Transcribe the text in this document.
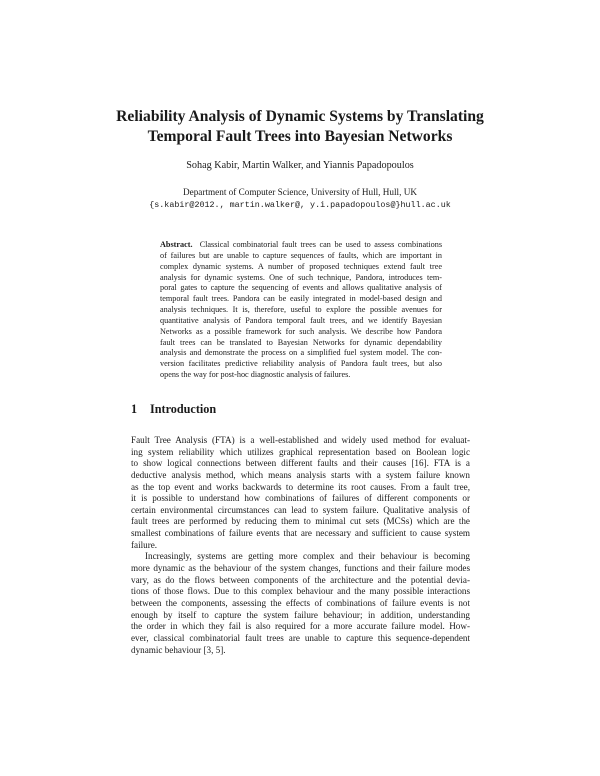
Reliability Analysis of Dynamic Systems by Translating
Temporal Fault Trees into Bayesian Networks
Sohag Kabir, Martin Walker, and Yiannis Papadopoulos
Department of Computer Science, University of Hull, Hull, UK
{s.kabir@2012., martin.walker@, y.i.papadopoulos@}hull.ac.uk
Abstract. Classical combinatorial fault trees can be used to assess combinations
of failures but are unable to capture sequences of faults, which are important in
complex dynamic systems. A number of proposed techniques extend fault tree
analysis for dynamic systems. One of such technique, Pandora, introduces tem-
poral gates to capture the sequencing of events and allows qualitative analysis of
temporal fault trees. Pandora can be easily integrated in model-based design and
analysis techniques. It is, therefore, useful to explore the possible avenues for
quantitative analysis of Pandora temporal fault trees, and we identify Bayesian
Networks as a possible framework for such analysis. We describe how Pandora
fault trees can be translated to Bayesian Networks for dynamic dependability
analysis and demonstrate the process on a simplified fuel system model. The con-
version facilitates predictive reliability analysis of Pandora fault trees, but also
opens the way for post-hoc diagnostic analysis of failures.
1 Introduction
Fault Tree Analysis (FTA) is a well-established and widely used method for evaluat-
ing system reliability which utilizes graphical representation based on Boolean logic
to show logical connections between different faults and their causes [16]. FTA is a
deductive analysis method, which means analysis starts with a system failure known
as the top event and works backwards to determine its root causes. From a fault tree,
it is possible to understand how combinations of failures of different components or
certain environmental circumstances can lead to system failure. Qualitative analysis of
fault trees are performed by reducing them to minimal cut sets (MCSs) which are the
smallest combinations of failure events that are necessary and sufficient to cause system
failure.
Increasingly, systems are getting more complex and their behaviour is becoming
more dynamic as the behaviour of the system changes, functions and their failure modes
vary, as do the flows between components of the architecture and the potential devia-
tions of those flows. Due to this complex behaviour and the many possible interactions
between the components, assessing the effects of combinations of failure events is not
enough by itself to capture the system failure behaviour; in addition, understanding
the order in which they fail is also required for a more accurate failure model. How-
ever, classical combinatorial fault trees are unable to capture this sequence-dependent
dynamic behaviour [3, 5].
